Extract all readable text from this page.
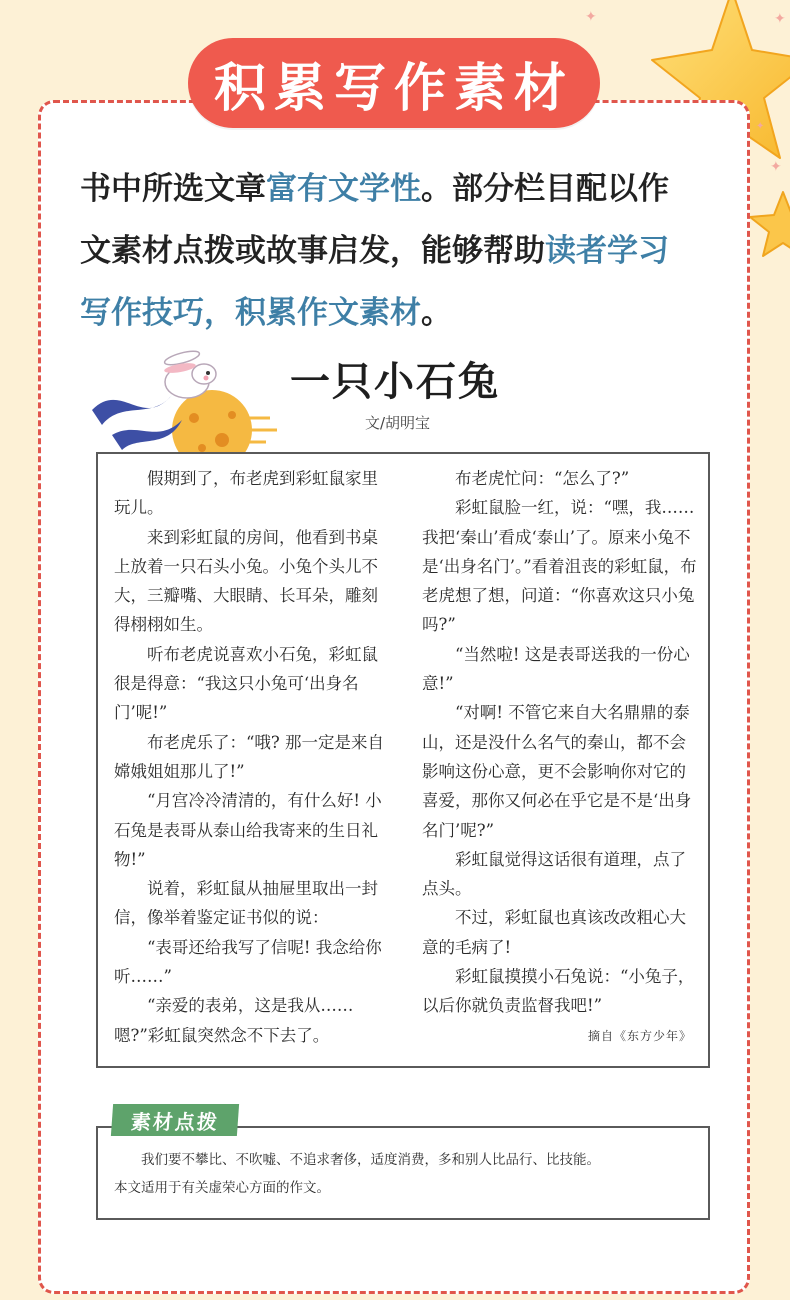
✦	✦
✦
✦
积累写作素材
书中所选文章富有文学性。部分栏目配以作
文素材点拨或故事启发，能够帮助读者学习
写作技巧，积累作文素材。
一只小石兔
文/胡明宝

假期到了，布老虎到彩虹鼠家里玩儿。

来到彩虹鼠的房间，他看到书桌上放着一只石头小兔。小兔个头儿不大，三瓣嘴、大眼睛、长耳朵，雕刻得栩栩如生。

听布老虎说喜欢小石兔，彩虹鼠很是得意：“我这只小兔可‘出身名门’呢!”

布老虎乐了：“哦? 那一定是来自嫦娥姐姐那儿了!”

“月宫冷冷清清的，有什么好! 小石兔是表哥从泰山给我寄来的生日礼物!”

说着，彩虹鼠从抽屉里取出一封信，像举着鉴定证书似的说：

“表哥还给我写了信呢! 我念给你听……”

“亲爱的表弟，这是我从……嗯?”彩虹鼠突然念不下去了。

布老虎忙问：“怎么了?”

彩虹鼠脸一红，说：“嘿，我……我把‘秦山’看成‘泰山’了。原来小兔不是‘出身名门’。”看着沮丧的彩虹鼠，布老虎想了想，问道：“你喜欢这只小兔吗?”

“当然啦! 这是表哥送我的一份心意!”

“对啊! 不管它来自大名鼎鼎的泰山，还是没什么名气的秦山，都不会影响这份心意，更不会影响你对它的喜爱，那你又何必在乎它是不是‘出身名门’呢?”

彩虹鼠觉得这话很有道理，点了点头。

不过，彩虹鼠也真该改改粗心大意的毛病了!

彩虹鼠摸摸小石兔说：“小兔子，以后你就负责监督我吧!”

摘自《东方少年》
素材点拨
我们要不攀比、不吹嘘、不追求奢侈，适度消费，多和别人比品行、比技能。
本文适用于有关虚荣心方面的作文。
